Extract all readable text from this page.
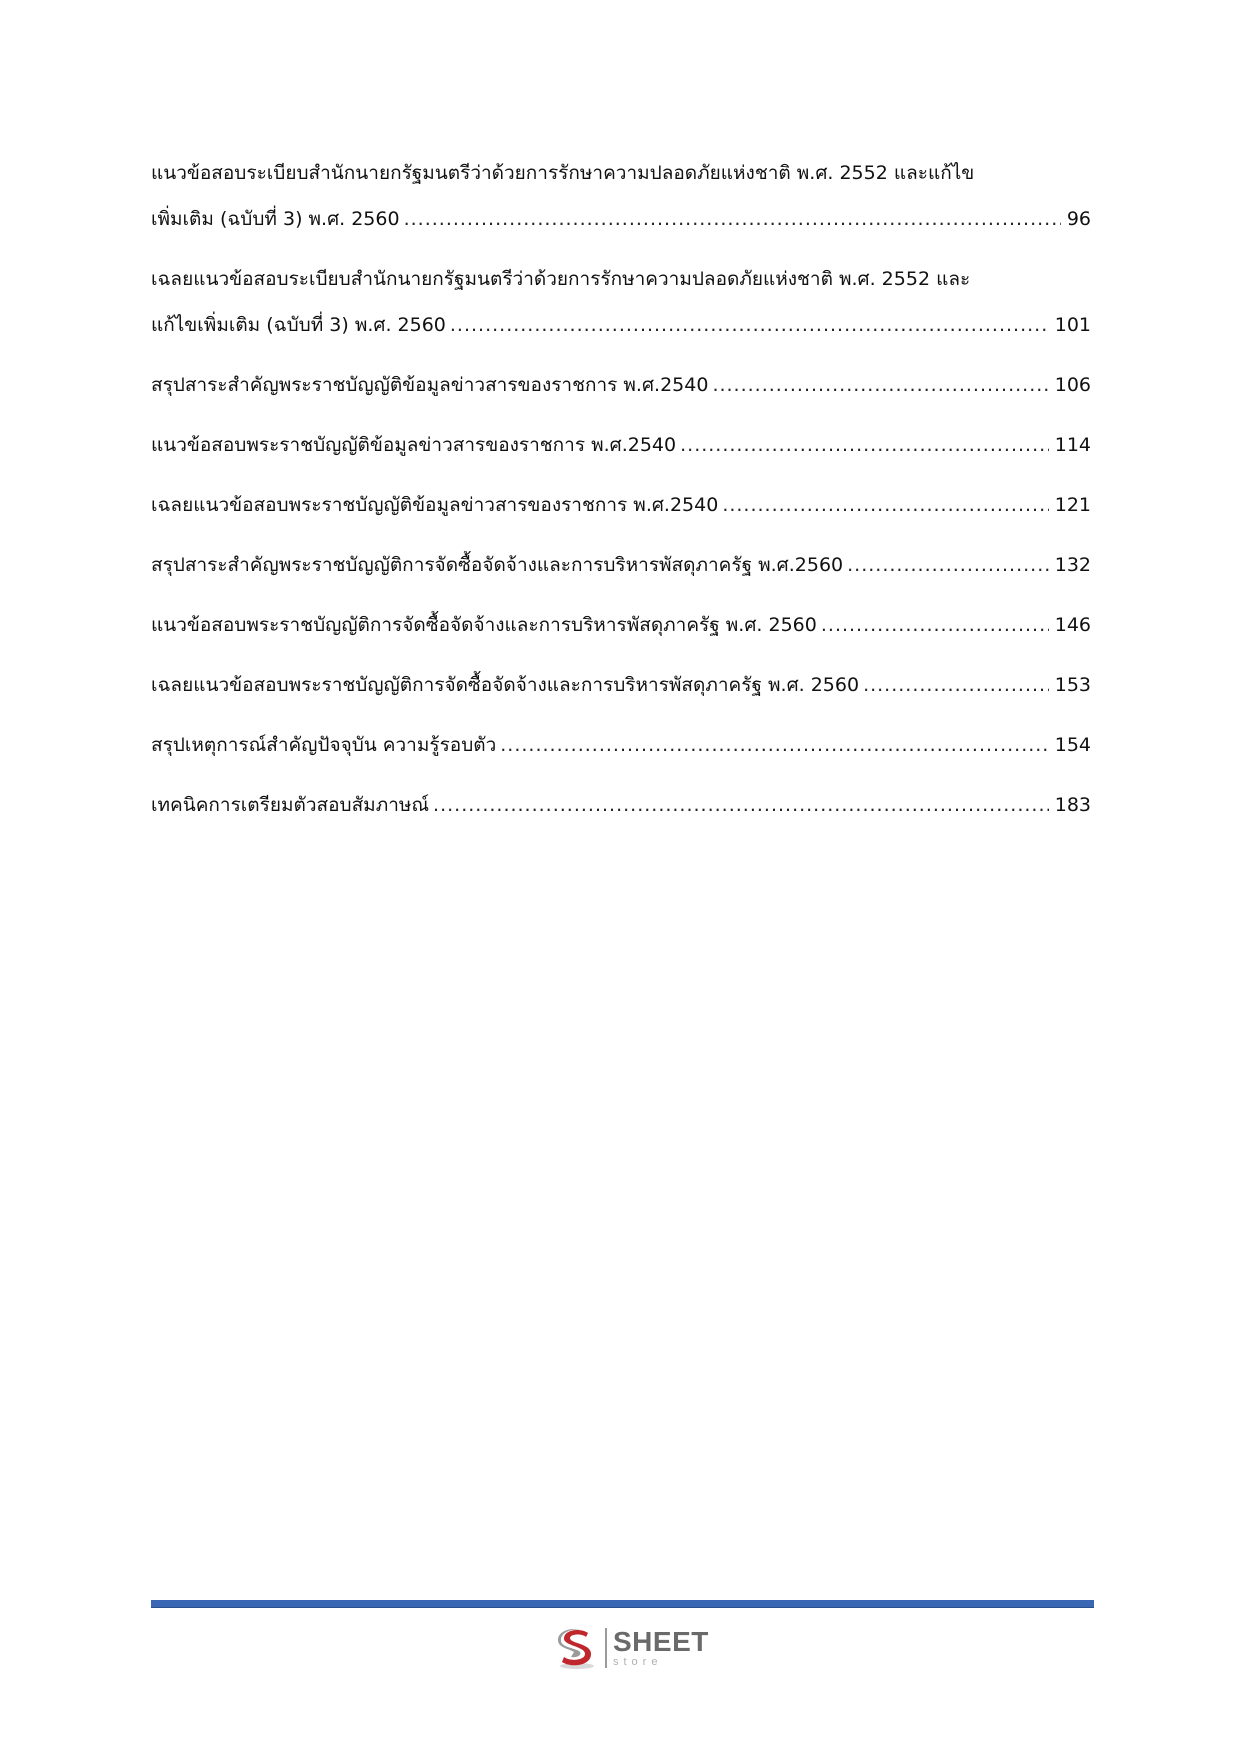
แนวข้อสอบระเบียบสำนักนายกรัฐมนตรีว่าด้วยการรักษาความปลอดภัยแห่งชาติ พ.ศ. 2552 และแก้ไข
เพิ่มเติม (ฉบับที่ 3) พ.ศ. 2560 .....	96
เฉลยแนวข้อสอบระเบียบสำนักนายกรัฐมนตรีว่าด้วยการรักษาความปลอดภัยแห่งชาติ พ.ศ. 2552 และ
แก้ไขเพิ่มเติม (ฉบับที่ 3) พ.ศ. 2560 .....	101
สรุปสาระสำคัญพระราชบัญญัติข้อมูลข่าวสารของราชการ พ.ศ.2540 .....	106
แนวข้อสอบพระราชบัญญัติข้อมูลข่าวสารของราชการ พ.ศ.2540 .....	114
เฉลยแนวข้อสอบพระราชบัญญัติข้อมูลข่าวสารของราชการ พ.ศ.2540 .....	121
สรุปสาระสำคัญพระราชบัญญัติการจัดซื้อจัดจ้างและการบริหารพัสดุภาครัฐ พ.ศ.2560 .....	132
แนวข้อสอบพระราชบัญญัติการจัดซื้อจัดจ้างและการบริหารพัสดุภาครัฐ พ.ศ. 2560 .....	146
เฉลยแนวข้อสอบพระราชบัญญัติการจัดซื้อจัดจ้างและการบริหารพัสดุภาครัฐ พ.ศ. 2560 .....	153
สรุปเหตุการณ์สำคัญปัจจุบัน ความรู้รอบตัว .....	154
เทคนิคการเตรียมตัวสอบสัมภาษณ์ .....	183
SHEET
store
